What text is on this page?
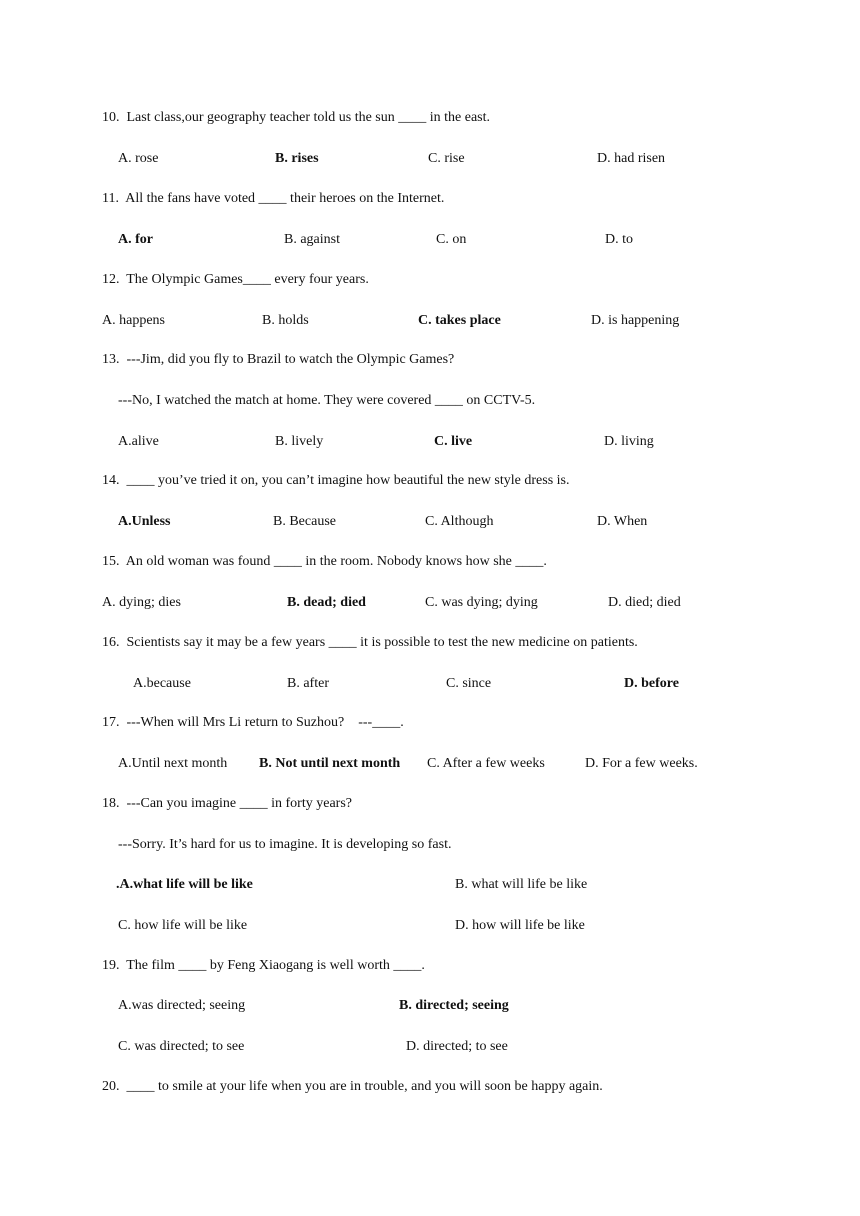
10.  Last class,our geography teacher told us the sun ____ in the east.
A. rose	B. rises	C. rise	D. had risen
11.  All the fans have voted ____ their heroes on the Internet.
A. for	B. against	C. on	D. to
12.  The Olympic Games____ every four years.
A. happens	B. holds	C. takes place	D. is happening
13.  ---Jim, did you fly to Brazil to watch the Olympic Games?
---No, I watched the match at home. They were covered ____ on CCTV-5.
A.alive	B. lively	C. live	D. living
14.  ____ you’ve tried it on, you can’t imagine how beautiful the new style dress is.
A.Unless	B. Because	C. Although	D. When
15.  An old woman was found ____ in the room. Nobody knows how she ____.
A. dying; dies	B. dead; died	C. was dying; dying	D. died; died
16.  Scientists say it may be a few years ____ it is possible to test the new medicine on patients.
A.because	B. after	C. since	D. before
17.  ---When will Mrs Li return to Suzhou?    ---____.
A.Until next month B. Not until next month C. After a few weeks	D. For a few weeks.
18.  ---Can you imagine ____ in forty years?
---Sorry. It’s hard for us to imagine. It is developing so fast.
.A.what life will be like	B. what will life be like
C. how life will be like	D. how will life be like
19.  The film ____ by Feng Xiaogang is well worth ____.
A.was directed; seeing	B. directed; seeing
C. was directed; to see	D. directed; to see
20.  ____ to smile at your life when you are in trouble, and you will soon be happy again.
